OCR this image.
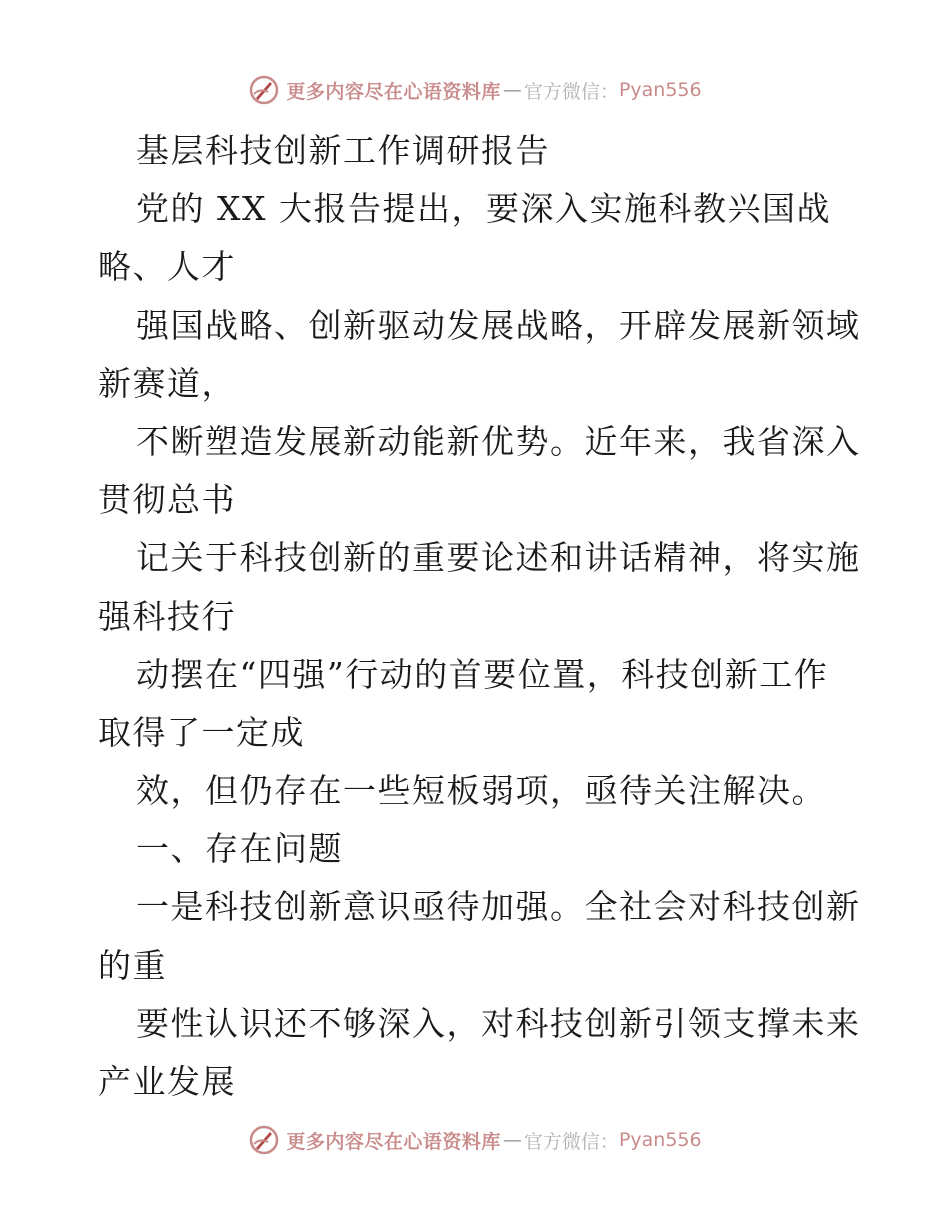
更多内容尽在心语资料库 — 官方微信： Pyan556
基层科技创新工作调研报告
党的 XX 大报告提出，要深入实施科教兴国战
略、人才
强国战略、创新驱动发展战略，开辟发展新领域
新赛道，
不断塑造发展新动能新优势。近年来，我省深入
贯彻总书
记关于科技创新的重要论述和讲话精神，将实施
强科技行
动摆在“四强”行动的首要位置，科技创新工作
取得了一定成
效，但仍存在一些短板弱项，亟待关注解决。
一、存在问题
一是科技创新意识亟待加强。全社会对科技创新
的重
要性认识还不够深入，对科技创新引领支撑未来
产业发展
更多内容尽在心语资料库 — 官方微信： Pyan556
